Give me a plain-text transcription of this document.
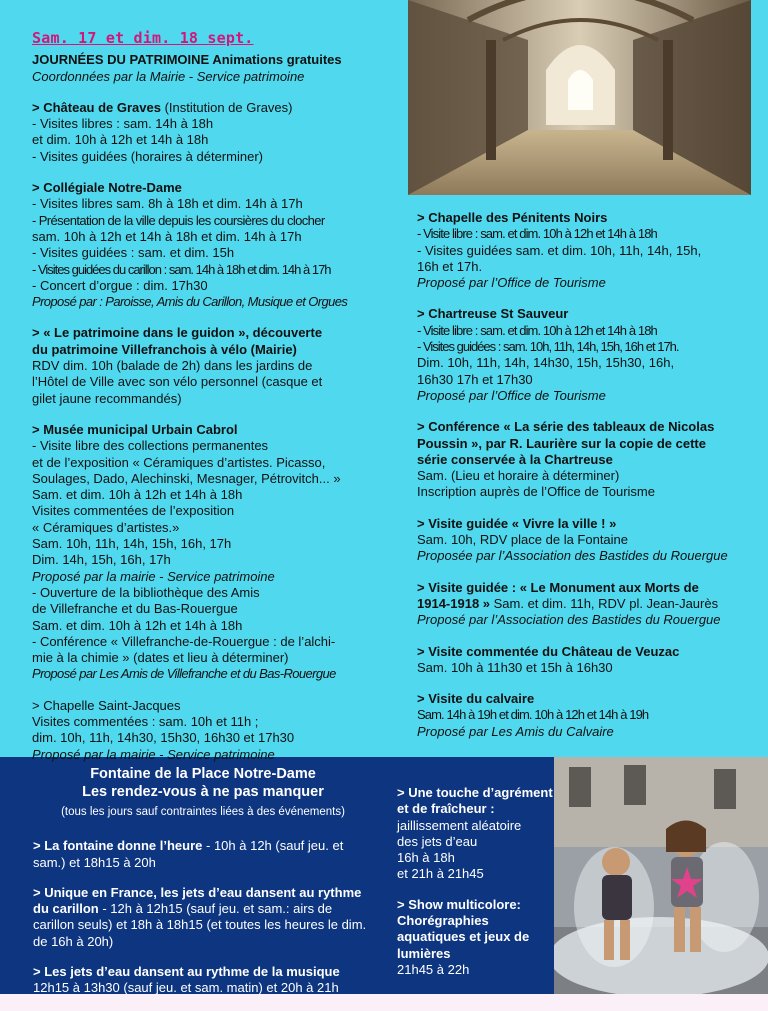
Sam. 17 et dim. 18 sept.
JOURNÉES DU PATRIMOINE Animations gratuites
Coordonnées par la Mairie - Service patrimoine
> Château de Graves (Institution de Graves)
- Visites libres : sam. 14h à 18h
et dim. 10h à 12h et 14h à 18h
- Visites guidées (horaires à déterminer)
> Collégiale Notre-Dame
- Visites libres sam. 8h à 18h et dim. 14h à 17h
- Présentation de la ville depuis les coursières du clocher
sam. 10h à 12h et 14h à 18h et dim. 14h à 17h
- Visites guidées : sam. et dim. 15h
- Visites guidées du carillon : sam. 14h à 18h et dim. 14h à 17h
- Concert d’orgue : dim. 17h30
Proposé par : Paroisse, Amis du Carillon, Musique et Orgues
> « Le patrimoine dans le guidon », découverte
du patrimoine Villefranchois à vélo (Mairie)
RDV dim. 10h (balade de 2h) dans les jardins de
l’Hôtel de Ville avec son vélo personnel (casque et
gilet jaune recommandés)
> Musée municipal Urbain Cabrol
- Visite libre des collections permanentes
et de l’exposition « Céramiques d’artistes. Picasso,
Soulages, Dado, Alechinski, Mesnager, Pétrovitch... »
Sam. et dim. 10h à 12h et 14h à 18h
Visites commentées de l’exposition
« Céramiques d’artistes.»
Sam. 10h, 11h, 14h, 15h, 16h, 17h
Dim. 14h, 15h, 16h, 17h
Proposé par la mairie - Service patrimoine
- Ouverture de la bibliothèque des Amis
de Villefranche et du Bas-Rouergue
Sam. et dim. 10h à 12h et 14h à 18h
- Conférence « Villefranche-de-Rouergue : de l’alchi-
mie à la chimie » (dates et lieu à déterminer)
Proposé par Les Amis de Villefranche et du Bas-Rouergue
> Chapelle Saint-Jacques
Visites commentées : sam. 10h et 11h ;
dim. 10h, 11h, 14h30, 15h30, 16h30 et 17h30
Proposé par la mairie - Service patrimoine
> Chapelle des Pénitents Noirs
- Visite libre : sam. et dim. 10h à 12h et 14h à 18h
- Visites guidées sam. et dim. 10h, 11h, 14h, 15h,
16h et 17h.
Proposé par l’Office de Tourisme
> Chartreuse St Sauveur
- Visite libre : sam. et dim. 10h à 12h et 14h à 18h
- Visites guidées : sam. 10h, 11h, 14h, 15h, 16h et 17h.
Dim. 10h, 11h, 14h, 14h30, 15h, 15h30, 16h,
16h30 17h et 17h30
Proposé par l’Office de Tourisme
> Conférence « La série des tableaux de Nicolas
Poussin », par R. Laurière sur la copie de cette
série conservée à la Chartreuse
Sam. (Lieu et horaire à déterminer)
Inscription auprès de l’Office de Tourisme
> Visite guidée « Vivre la ville ! »
Sam. 10h, RDV place de la Fontaine
Proposée par l’Association des Bastides du Rouergue
> Visite guidée : « Le Monument aux Morts de
1914-1918 » Sam. et dim. 11h, RDV pl. Jean-Jaurès
Proposé par l’Association des Bastides du Rouergue
> Visite commentée du Château de Veuzac
Sam. 10h à 11h30 et 15h à 16h30
> Visite du calvaire
Sam. 14h à 19h et dim. 10h à 12h et 14h à 19h
Proposé par Les Amis du Calvaire
Fontaine de la Place Notre-Dame
Les rendez-vous à ne pas manquer
(tous les jours sauf contraintes liées à des événements)

> La fontaine donne l’heure - 10h à 12h (sauf jeu. et sam.) et 18h15 à 20h

> Unique en France, les jets d’eau dansent au rythme du carillon - 12h à 12h15 (sauf jeu. et sam.: airs de carillon seuls) et 18h à 18h15 (et toutes les heures le dim. de 16h à 20h)

> Les jets d’eau dansent au rythme de la musique
12h15 à 13h30 (sauf jeu. et sam. matin) et 20h à 21h

> Une touche d’agrément et de fraîcheur :
jaillissement aléatoire
des jets d’eau
16h à 18h
et 21h à 21h45

> Show multicolore: Chorégraphies aquatiques et jeux de lumières
21h45 à 22h
